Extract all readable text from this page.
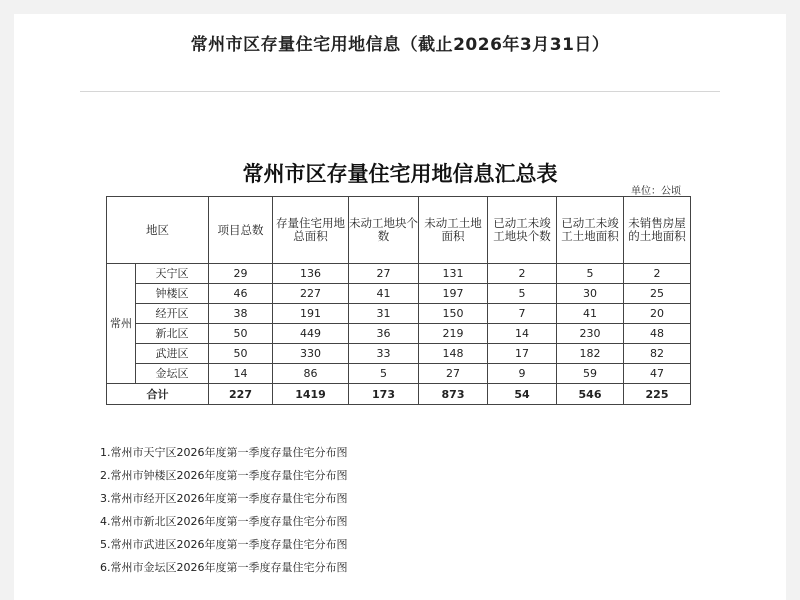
常州市区存量住宅用地信息（截止2026年3月31日）
常州市区存量住宅用地信息汇总表
单位：公顷
地区		项目总数	存量住宅用地总面积	未动工地块个数	未动工土地面积	已动工未竣工地块个数	已动工未竣工土地面积	未销售房屋的土地面积
常州	天宁区	29	136	27	131	2	5	2
	钟楼区	46	227	41	197	5	30	25
	经开区	38	191	31	150	7	41	20
	新北区	50	449	36	219	14	230	48
	武进区	50	330	33	148	17	182	82
	金坛区	14	86	5	27	9	59	47
合计		227	1419	173	873	54	546	225
1.常州市天宁区2026年度第一季度存量住宅分布图
2.常州市钟楼区2026年度第一季度存量住宅分布图
3.常州市经开区2026年度第一季度存量住宅分布图
4.常州市新北区2026年度第一季度存量住宅分布图
5.常州市武进区2026年度第一季度存量住宅分布图
6.常州市金坛区2026年度第一季度存量住宅分布图
